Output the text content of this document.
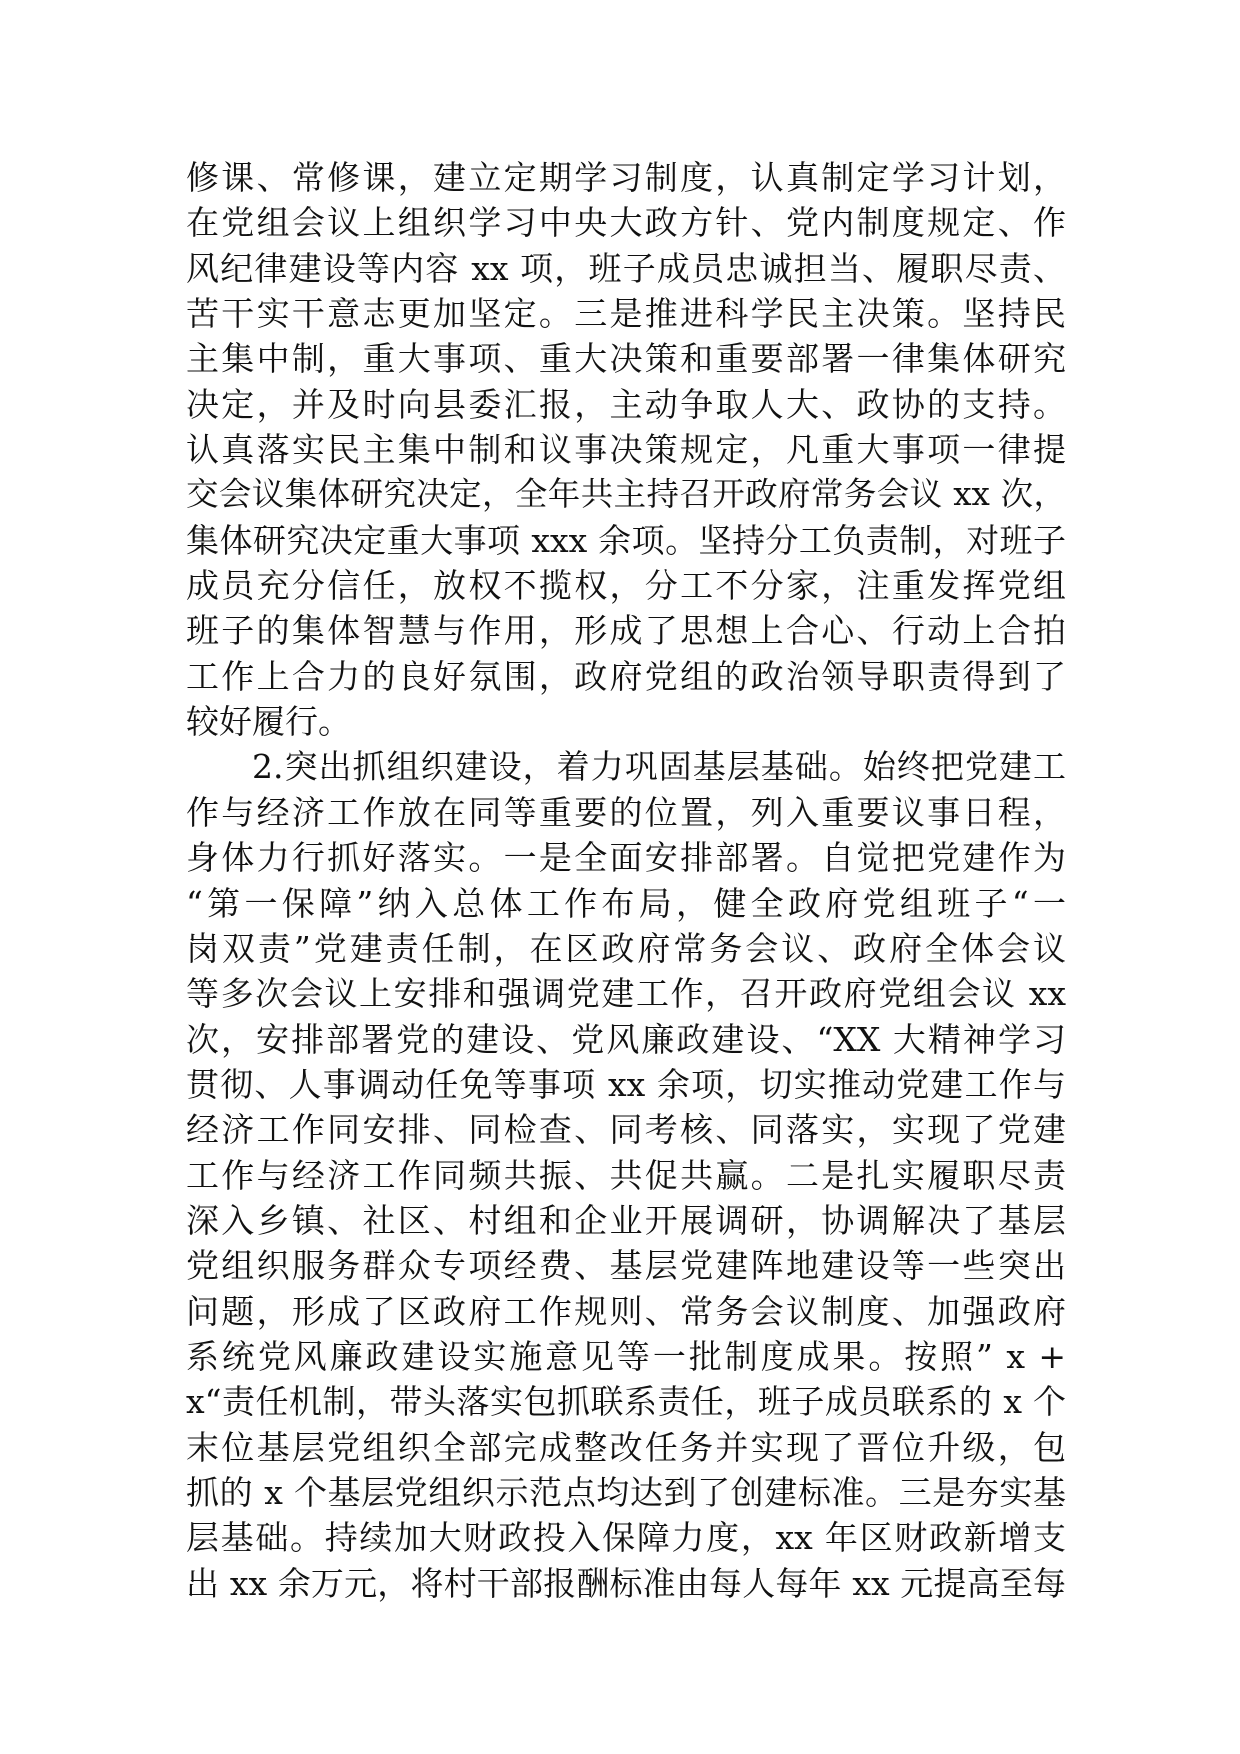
修课、常修课，建立定期学习制度，认真制定学习计划，
在党组会议上组织学习中央大政方针、党内制度规定、作
风纪律建设等内容 xx 项，班子成员忠诚担当、履职尽责、
苦干实干意志更加坚定。三是推进科学民主决策。坚持民
主集中制，重大事项、重大决策和重要部署一律集体研究
决定，并及时向县委汇报，主动争取人大、政协的支持。
认真落实民主集中制和议事决策规定，凡重大事项一律提
交会议集体研究决定，全年共主持召开政府常务会议 xx 次，
集体研究决定重大事项 xxx 余项。坚持分工负责制，对班子
成员充分信任，放权不揽权，分工不分家，注重发挥党组
班子的集体智慧与作用，形成了思想上合心、行动上合拍
工作上合力的良好氛围，政府党组的政治领导职责得到了
较好履行。
2.突出抓组织建设，着力巩固基层基础。始终把党建工
作与经济工作放在同等重要的位置，列入重要议事日程，
身体力行抓好落实。一是全面安排部署。自觉把党建作为
“第一保障”纳入总体工作布局，健全政府党组班子“一
岗双责”党建责任制，在区政府常务会议、政府全体会议
等多次会议上安排和强调党建工作，召开政府党组会议 xx
次，安排部署党的建设、党风廉政建设、“XX 大精神学习
贯彻、人事调动任免等事项 xx 余项，切实推动党建工作与
经济工作同安排、同检查、同考核、同落实，实现了党建
工作与经济工作同频共振、共促共赢。二是扎实履职尽责
深入乡镇、社区、村组和企业开展调研，协调解决了基层
党组织服务群众专项经费、基层党建阵地建设等一些突出
问题，形成了区政府工作规则、常务会议制度、加强政府
系统党风廉政建设实施意见等一批制度成果。按照” x +
x“责任机制，带头落实包抓联系责任，班子成员联系的 x 个
末位基层党组织全部完成整改任务并实现了晋位升级，包
抓的 x 个基层党组织示范点均达到了创建标准。三是夯实基
层基础。持续加大财政投入保障力度，xx 年区财政新增支
出 xx 余万元，将村干部报酬标准由每人每年 xx 元提高至每
